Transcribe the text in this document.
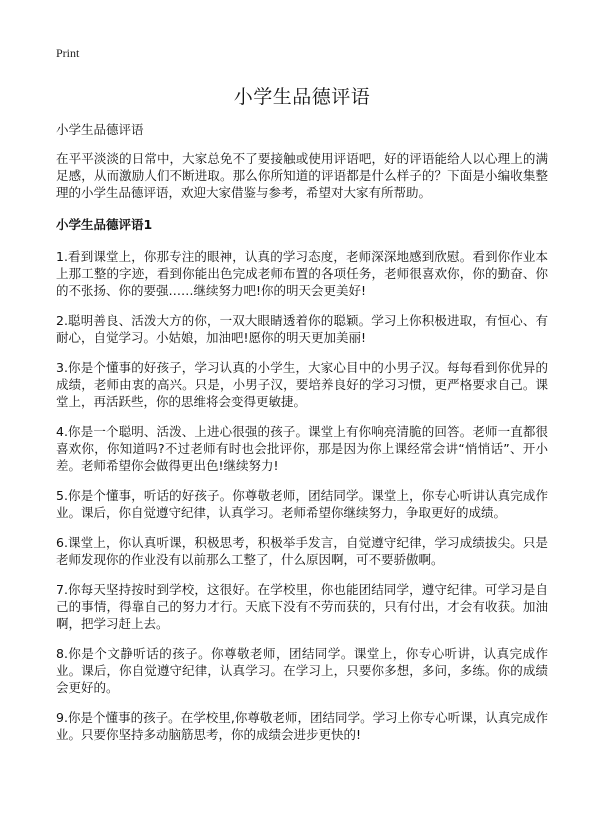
Print
小学生品德评语

小学生品德评语

在平平淡淡的日常中，大家总免不了要接触或使用评语吧，好的评语能给人以心理上的满足感，从而激励人们不断进取。那么你所知道的评语都是什么样子的？下面是小编收集整理的小学生品德评语，欢迎大家借鉴与参考，希望对大家有所帮助。

小学生品德评语1

1.看到课堂上，你那专注的眼神，认真的学习态度，老师深深地感到欣慰。看到你作业本上那工整的字迹，看到你能出色完成老师布置的各项任务，老师很喜欢你，你的勤奋、你的不张扬、你的要强……继续努力吧!你的明天会更美好!

2.聪明善良、活泼大方的你，一双大眼睛透着你的聪颖。学习上你积极进取，有恒心、有耐心，自觉学习。小姑娘，加油吧!愿你的明天更加美丽!

3.你是个懂事的好孩子，学习认真的小学生，大家心目中的小男子汉。每每看到你优异的成绩，老师由衷的高兴。只是，小男子汉，要培养良好的学习习惯，更严格要求自己。课堂上，再活跃些，你的思维将会变得更敏捷。

4.你是一个聪明、活泼、上进心很强的孩子。课堂上有你响亮清脆的回答。老师一直都很喜欢你，你知道吗?不过老师有时也会批评你，那是因为你上课经常会讲“悄悄话”、开小差。老师希望你会做得更出色!继续努力!

5.你是个懂事，听话的好孩子。你尊敬老师，团结同学。课堂上，你专心听讲认真完成作业。课后，你自觉遵守纪律，认真学习。老师希望你继续努力，争取更好的成绩。

6.课堂上，你认真听课，积极思考，积极举手发言，自觉遵守纪律，学习成绩拔尖。只是老师发现你的作业没有以前那么工整了，什么原因啊，可不要骄傲啊。

7.你每天坚持按时到学校，这很好。在学校里，你也能团结同学，遵守纪律。可学习是自己的事情，得靠自己的努力才行。天底下没有不劳而获的，只有付出，才会有收获。加油啊，把学习赶上去。

8.你是个文静听话的孩子。你尊敬老师，团结同学。课堂上，你专心听讲，认真完成作业。课后，你自觉遵守纪律，认真学习。在学习上，只要你多想，多问，多练。你的成绩会更好的。

9.你是个懂事的孩子。在学校里,你尊敬老师，团结同学。学习上你专心听课，认真完成作业。只要你坚持多动脑筋思考，你的成绩会进步更快的!
